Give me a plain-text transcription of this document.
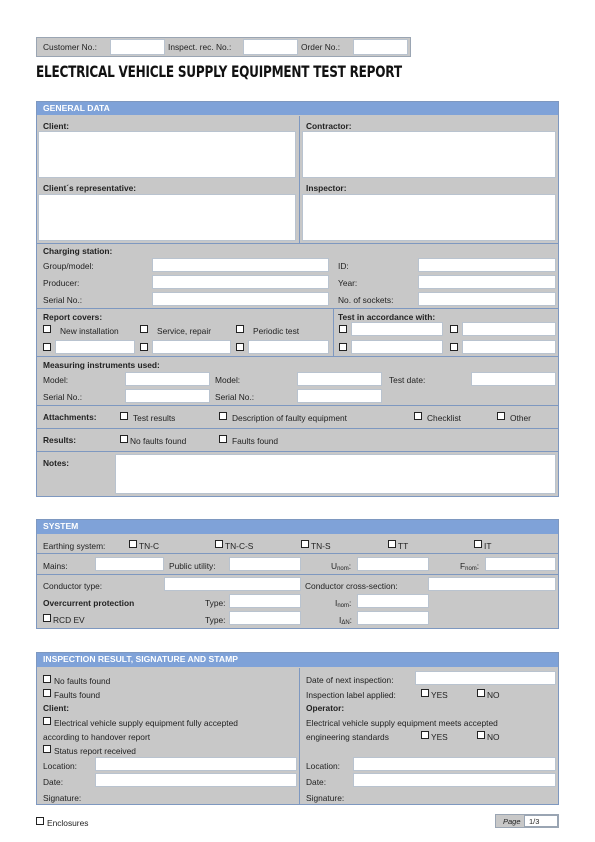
Customer No.:	Inspect. rec. No.:	Order No.:
ELECTRICAL VEHICLE SUPPLY EQUIPMENT TEST REPORT
GENERAL DATA
Client:	Contractor:
Client´s representative:	Inspector:
Charging station:
Group/model:
Producer:
Serial No.:
ID:
Year:
No. of sockets:
Report covers:
New installation	Service, repair	Periodic test
Test in accordance with:
Measuring instruments used:
Model:	Model:	Test date:
Serial No.:	Serial No.:
Attachments:	Test results	Description of faulty equipment	Checklist	Other
Results:	No faults found	Faults found
Notes:
SYSTEM
Earthing system:	TN-C	TN-C-S	TN-S	TT	IT
Mains:	Public utility:	Unom:	Fnom:
Conductor type:	Conductor cross-section:
Overcurrent protection	Type:	Inom:
RCD EV	Type:	IΔN:
INSPECTION RESULT, SIGNATURE AND STAMP
No faults found
Faults found
Client:
Electrical vehicle supply equipment fully accepted
according to handover report
Status report received
Location:
Date:
Signature:
Date of next inspection:
Inspection label applied:	YES	NO
Operator:
Electrical vehicle supply equipment meets accepted
engineering standards	YES	NO
Location:
Date:
Signature:
Enclosures	Page 1/3
